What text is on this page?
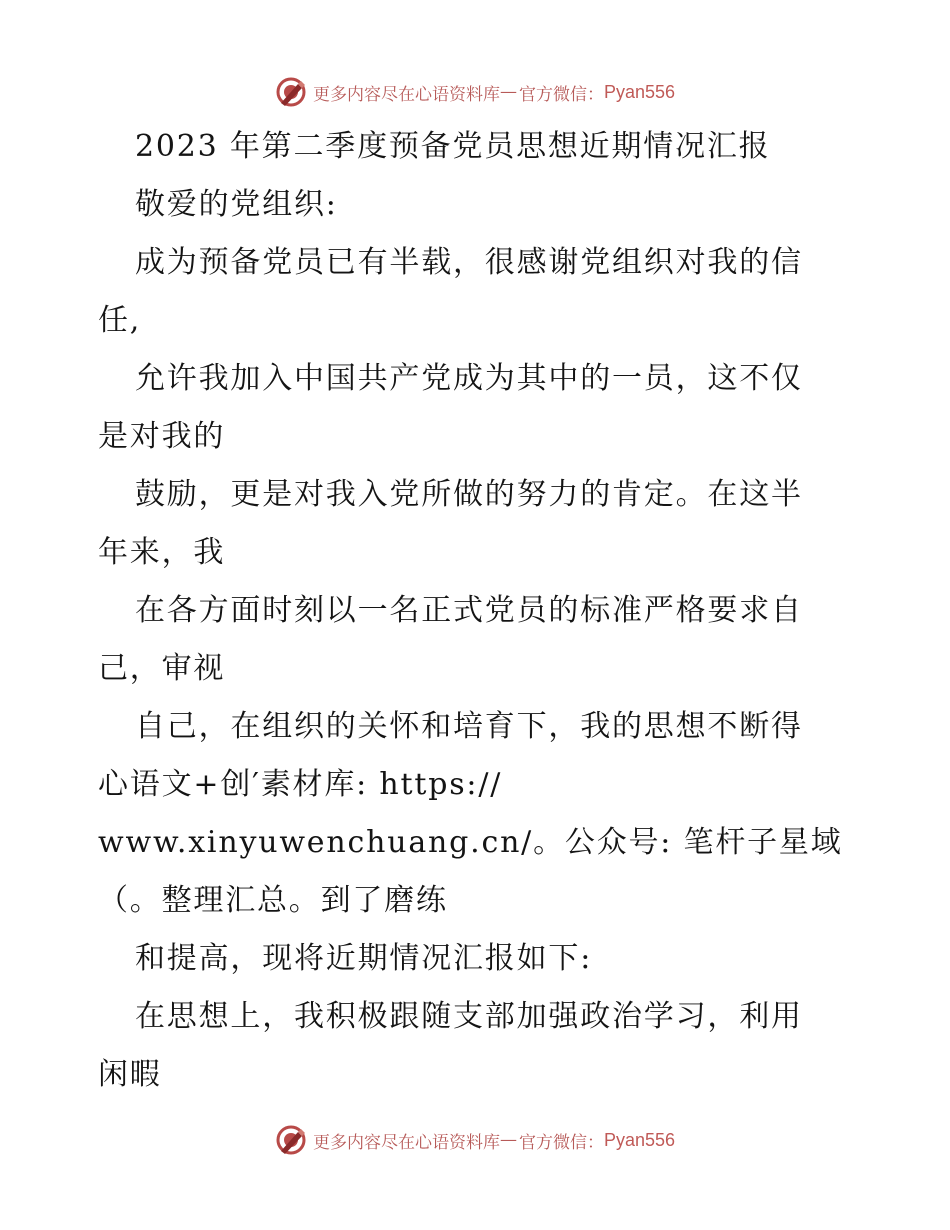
更多内容尽在心语资料库 — 官方微信： Pyan556
2023 年第二季度预备党员思想近期情况汇报
敬爱的党组织:
成为预备党员已有半载，很感谢党组织对我的信
任,
允许我加入中国共产党成为其中的一员，这不仅
是对我的
鼓励，更是对我入党所做的努力的肯定。在这半
年来，我
在各方面时刻以一名正式党员的标准严格要求自
己，审视
自己，在组织的关怀和培育下，我的思想不断得
心语文+创′素材库: https://
www.xinyuwenchuang.cn/。公众号: 笔杆子星域
（。整理汇总。到了磨练
和提高，现将近期情况汇报如下:
在思想上，我积极跟随支部加强政治学习，利用
闲暇
更多内容尽在心语资料库 — 官方微信： Pyan556
